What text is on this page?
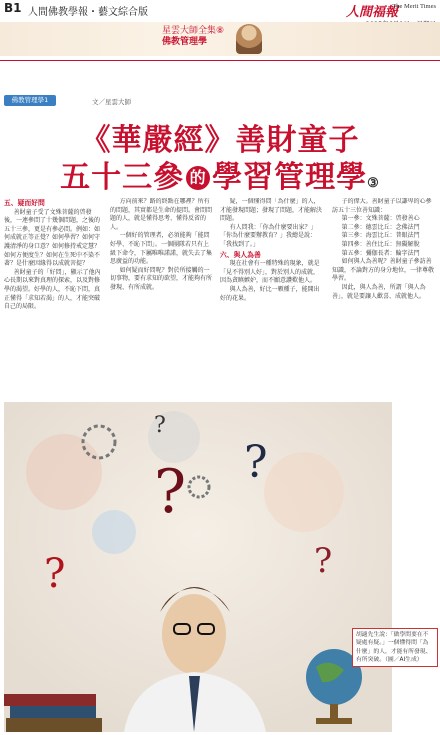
B1 人間佛教學報・藝文綜合版	人間福報
The Merit Times
星雲大師全集⑧
佛教管理學
佛教管理學1	文／星雲大師
《華嚴經》善財童子
五十三參 的 學習管理學③

五、疑而好問

善財童子受了文殊菩薩的啓發後，一連參問了十幾個問題，之後的五十三參，更是有參必問。例如：如何成就正等正覺？如何學習？如何守護清淨的身口意？如何修持戒定慧？如何方便度生？如何在生死中不染不著？是什麼因緣得以成就菩提？

善財童子的「好問」，顯示了他內心長期以來對真理的探索，以及對修學的渴望。好學的人，不恥下問，真正懂得「求知若渴」的人，才能突破自己的局限。

方向前來？路的終點在哪裡？所有的問題，其實都是生命的提問。會問問題的人，就是懂得思考、懂得反省的人。

一個好的管理者，必須能夠「能問好學、不恥下問」。一個團隊若只有上級下命令，下屬唯唯諾諾，就失去了集思廣益的功能。

如何疑而好問呢？對於所接觸的一切事物，要有求知的欲望，才能夠有所發現、有所成就。

疑，一個懂得問「為什麼」的人，才能發現問題；發現了問題，才能解決問題。

有人問我：「你為什麼要出家？」「你為什麼要辦教育？」我總是說：「我找到了。」

六、與人為善

現在社會有一種特殊的現象，就是「見不得別人好」，對於別人的成就，因為貪瞋嫉妒，而不願意讚歎他人。

與人為善，好比一顆種子，能開出好的花果。

子的偉大。善財童子以謙卑的心參訪五十三位善知識：

第一參：文殊菩薩：啓發善心

第二參：德雲比丘：念佛法門

第三參：海雲比丘：普眼法門

第四參：善住比丘：無礙解脫

第五參：彌伽長者：輪字法門

如何與人為善呢？善財童子參訪善知識，不論對方的身分地位，一律尊敬學習。

因此，與人為善，所謂「與人為善」，就是要讓人歡喜、成就他人。

? ?
?	?
?
胡適先生說：「做學問要在不疑處有疑。」一個懂得問「為什麼」的人，才能有所發現、有所突破。（圖／AI生成）
